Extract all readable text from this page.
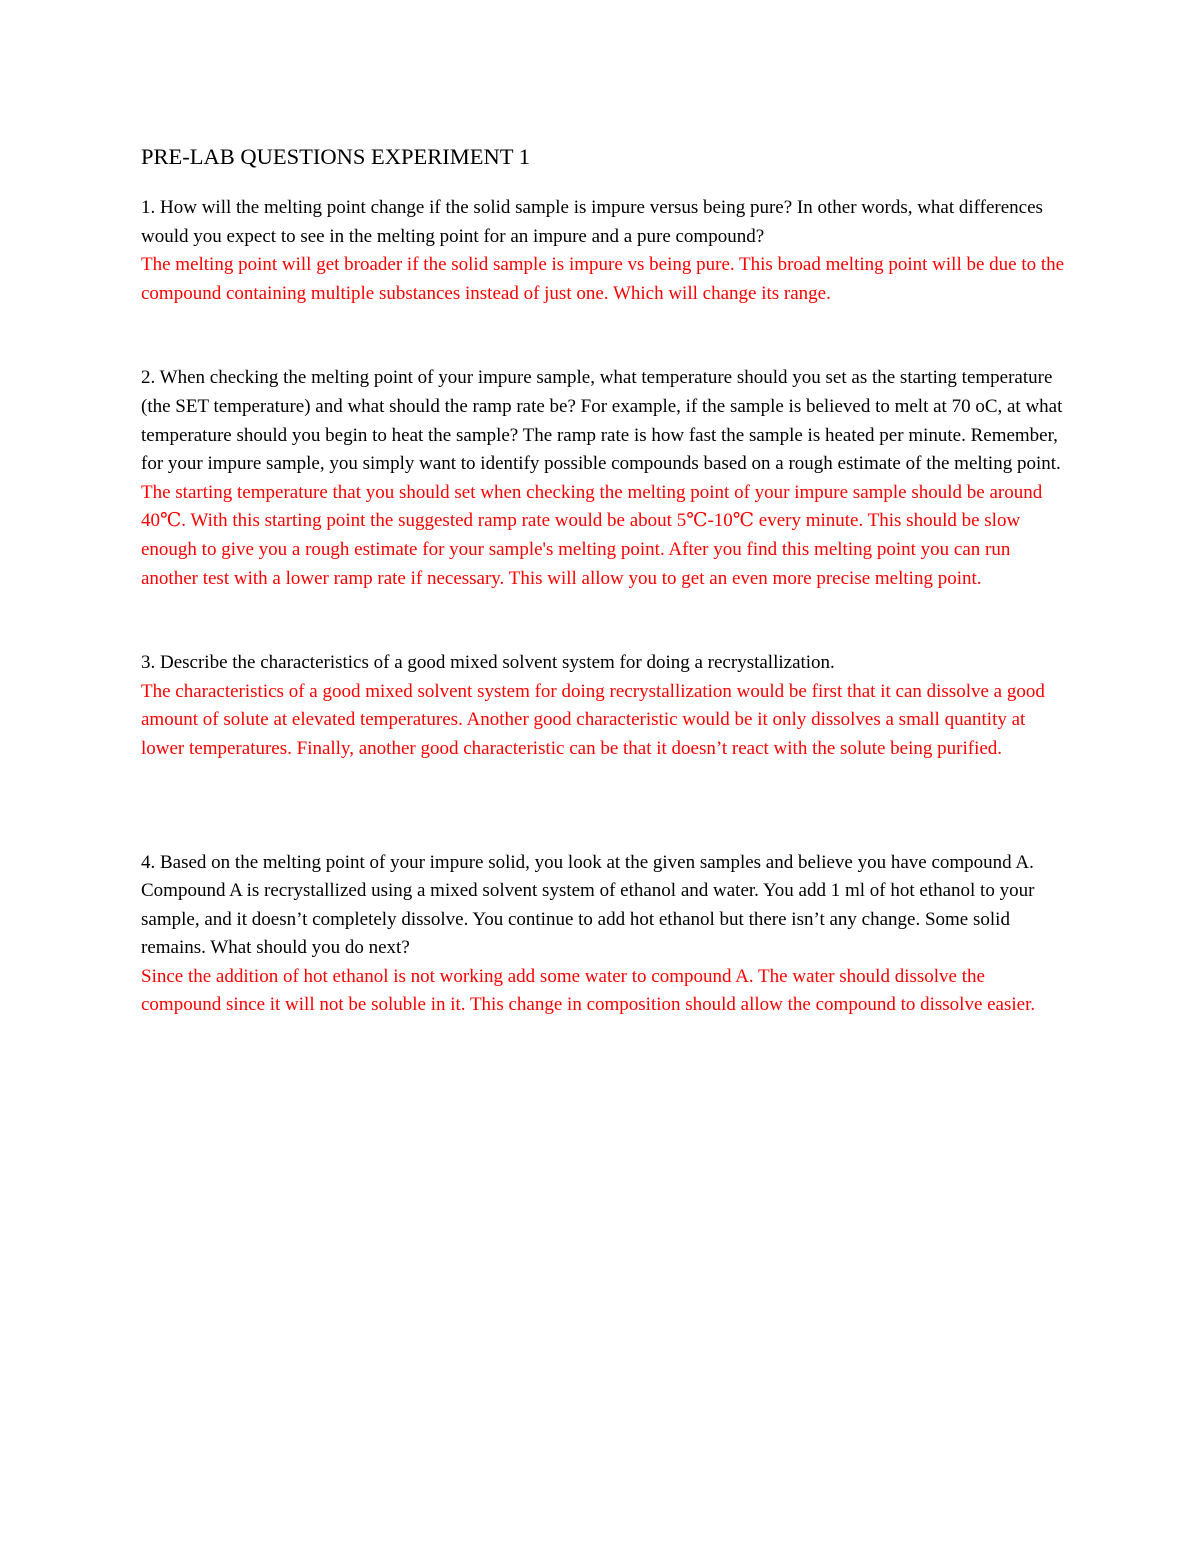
PRE-LAB QUESTIONS EXPERIMENT 1

1. How will the melting point change if the solid sample is impure versus being pure? In other words, what differences would you expect to see in the melting point for an impure and a pure compound?

The melting point will get broader if the solid sample is impure vs being pure. This broad melting point will be due to the compound containing multiple substances instead of just one. Which will change its range.

2. When checking the melting point of your impure sample, what temperature should you set as the starting temperature (the SET temperature) and what should the ramp rate be? For example, if the sample is believed to melt at 70 oC, at what temperature should you begin to heat the sample? The ramp rate is how fast the sample is heated per minute. Remember, for your impure sample, you simply want to identify possible compounds based on a rough estimate of the melting point.

The starting temperature that you should set when checking the melting point of your impure sample should be around 40℃. With this starting point the suggested ramp rate would be about 5℃-10℃ every minute. This should be slow enough to give you a rough estimate for your sample's melting point. After you find this melting point you can run another test with a lower ramp rate if necessary. This will allow you to get an even more precise melting point.

3. Describe the characteristics of a good mixed solvent system for doing a recrystallization.

The characteristics of a good mixed solvent system for doing recrystallization would be first that it can dissolve a good amount of solute at elevated temperatures. Another good characteristic would be it only dissolves a small quantity at lower temperatures. Finally, another good characteristic can be that it doesn’t react with the solute being purified.

4. Based on the melting point of your impure solid, you look at the given samples and believe you have compound A. Compound A is recrystallized using a mixed solvent system of ethanol and water. You add 1 ml of hot ethanol to your sample, and it doesn’t completely dissolve. You continue to add hot ethanol but there isn’t any change. Some solid remains. What should you do next?

Since the addition of hot ethanol is not working add some water to compound A. The water should dissolve the compound since it will not be soluble in it. This change in composition should allow the compound to dissolve easier.
